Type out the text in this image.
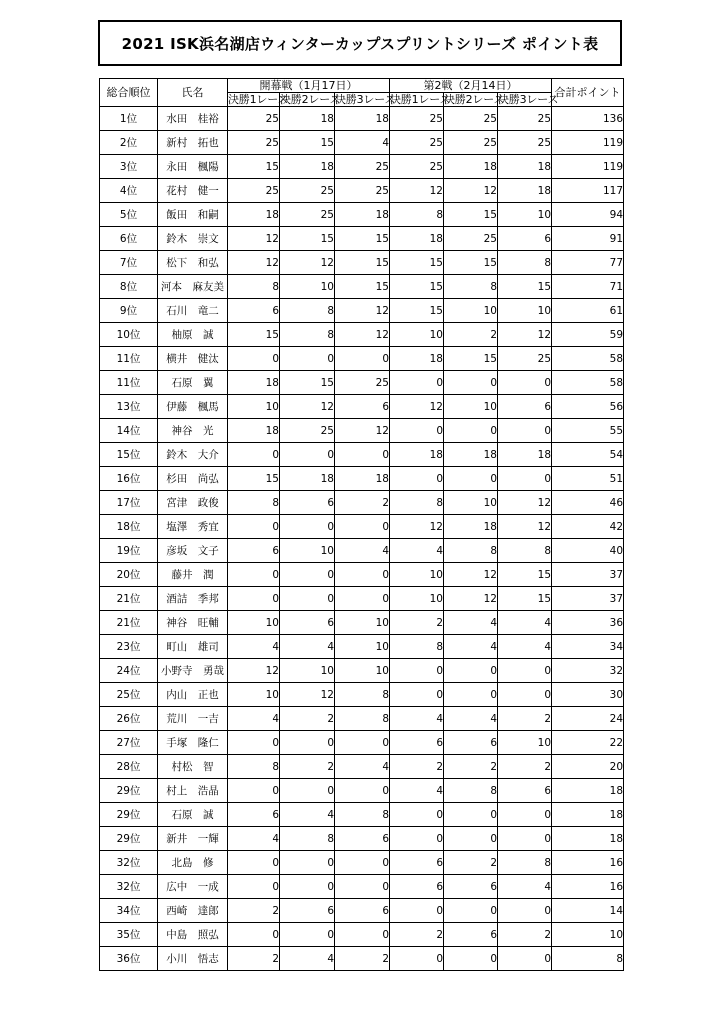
2021 ISK浜名湖店ウィンターカップスプリントシリーズ ポイント表
総合順位	氏名	開幕戦（1月17日）			第2戦（2月14日）			合計ポイント
		決勝1レース	決勝2レース	決勝3レース	決勝1レース	決勝2レース	決勝3レース	
1位	水田　桂裕	25	18	18	25	25	25	136
2位	新村　拓也	25	15	4	25	25	25	119
3位	永田　楓陽	15	18	25	25	18	18	119
4位	花村　健一	25	25	25	12	12	18	117
5位	飯田　和嗣	18	25	18	8	15	10	94
6位	鈴木　崇文	12	15	15	18	25	6	91
7位	松下　和弘	12	12	15	15	15	8	77
8位	河本　麻友美	8	10	15	15	8	15	71
9位	石川　竜二	6	8	12	15	10	10	61
10位	柚原　誠	15	8	12	10	2	12	59
11位	横井　健汰	0	0	0	18	15	25	58
11位	石原　翼	18	15	25	0	0	0	58
13位	伊藤　楓馬	10	12	6	12	10	6	56
14位	神谷　光	18	25	12	0	0	0	55
15位	鈴木　大介	0	0	0	18	18	18	54
16位	杉田　尚弘	15	18	18	0	0	0	51
17位	宮津　政俊	8	6	2	8	10	12	46
18位	塩澤　秀宜	0	0	0	12	18	12	42
19位	彦坂　文子	6	10	4	4	8	8	40
20位	藤井　潤	0	0	0	10	12	15	37
21位	酒詰　季邦	0	0	0	10	12	15	37
21位	神谷　旺輔	10	6	10	2	4	4	36
23位	町山　雄司	4	4	10	8	4	4	34
24位	小野寺　勇哉	12	10	10	0	0	0	32
25位	内山　正也	10	12	8	0	0	0	30
26位	荒川　一吉	4	2	8	4	4	2	24
27位	手塚　隆仁	0	0	0	6	6	10	22
28位	村松　智	8	2	4	2	2	2	20
29位	村上　浩晶	0	0	0	4	8	6	18
29位	石原　誠	6	4	8	0	0	0	18
29位	新井　一輝	4	8	6	0	0	0	18
32位	北島　修	0	0	0	6	2	8	16
32位	広中　一成	0	0	0	6	6	4	16
34位	西崎　達郎	2	6	6	0	0	0	14
35位	中島　照弘	0	0	0	2	6	2	10
36位	小川　悟志	2	4	2	0	0	0	8
